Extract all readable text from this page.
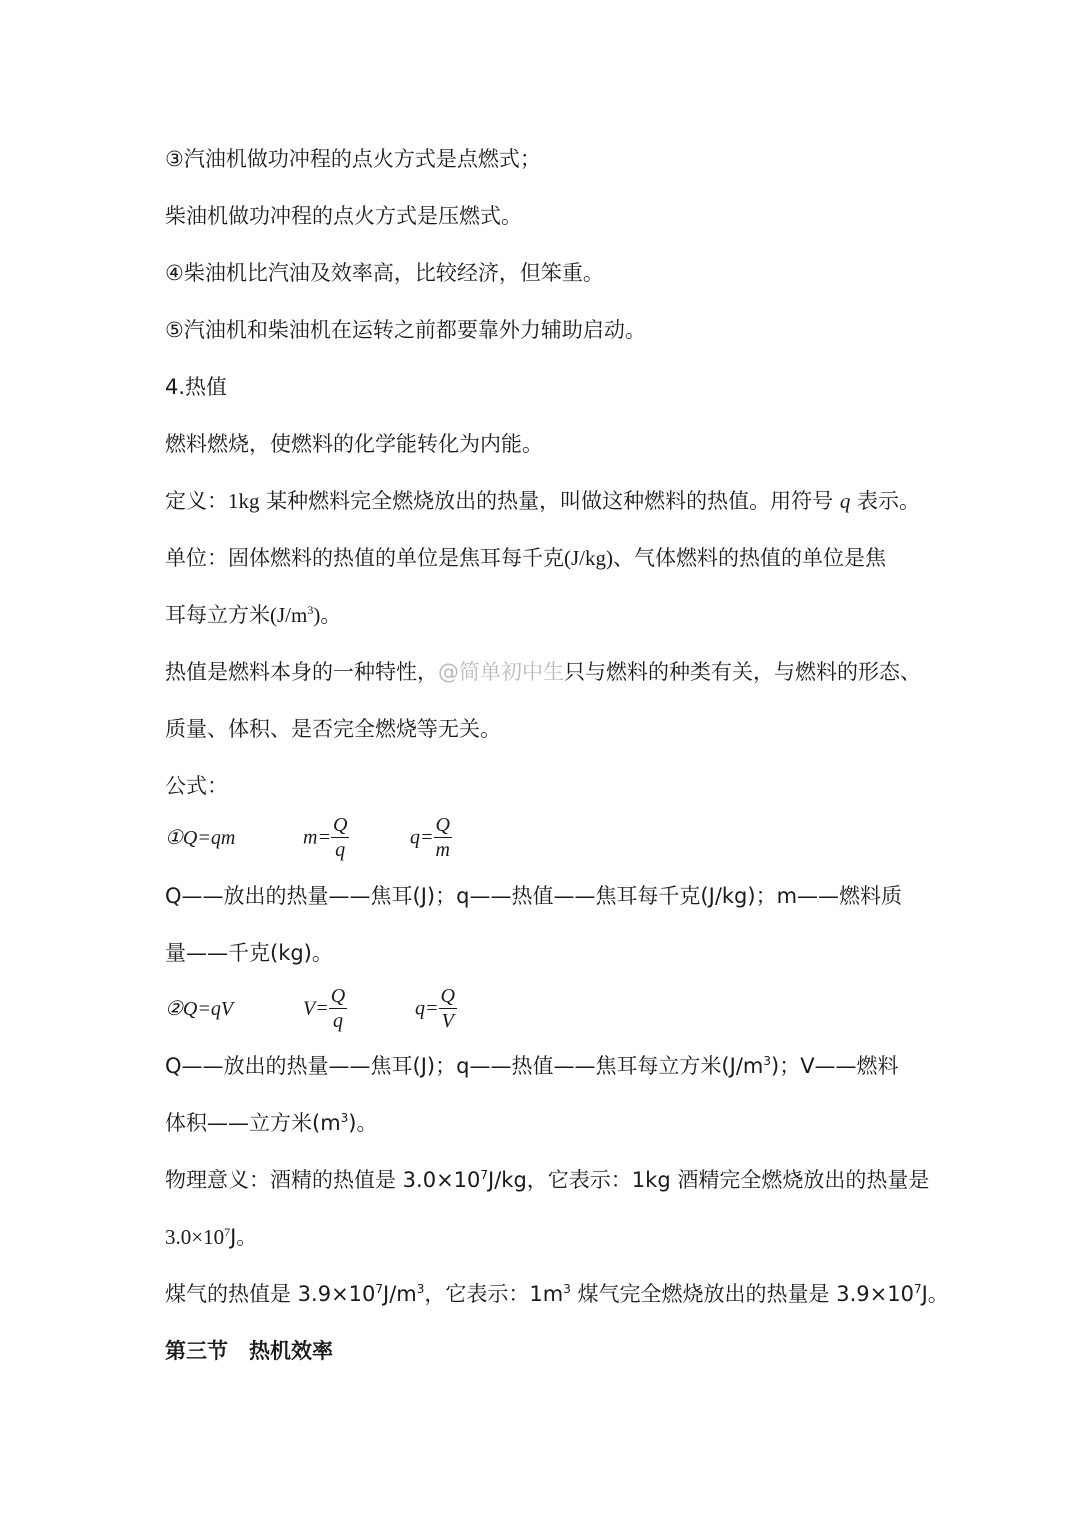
③汽油机做功冲程的点火方式是点燃式；
柴油机做功冲程的点火方式是压燃式。
④柴油机比汽油及效率高，比较经济，但笨重。
⑤汽油机和柴油机在运转之前都要靠外力辅助启动。
4.热值
燃料燃烧，使燃料的化学能转化为内能。
定义：1kg 某种燃料完全燃烧放出的热量，叫做这种燃料的热值。用符号 q 表示。
单位：固体燃料的热值的单位是焦耳每千克(J/kg)、气体燃料的热值的单位是焦
耳每立方米$(J/m^3)$。
热值是燃料本身的一种特性，@简单初中生只与燃料的种类有关，与燃料的形态、
质量、体积、是否完全燃烧等无关。
公式：
①Q=qm	$m= \frac{Q}{q}$	$q= \frac{Q}{m}$
Q——放出的热量——焦耳(J)；q——热值——焦耳每千克(J/kg)；m——燃料质
量——千克(kg)。
②Q=qV	$V= \frac{Q}{q}$	$q= \frac{Q}{V}$
Q——放出的热量——焦耳(J)；q——热值——焦耳每立方米$(J/m^3)$；V——燃料
体积——立方米$(m^3)$。
物理意义：酒精的热值是 $3.0\times 10^7J/kg$，它表示：1kg 酒精完全燃烧放出的热量是
$3.0\times 10^7J$。
煤气的热值是 $3.9\times 10^7J/m^3$，它表示：$1m^3$ 煤气完全燃烧放出的热量是 $3.9\times 10^7J$。
第三节　热机效率
